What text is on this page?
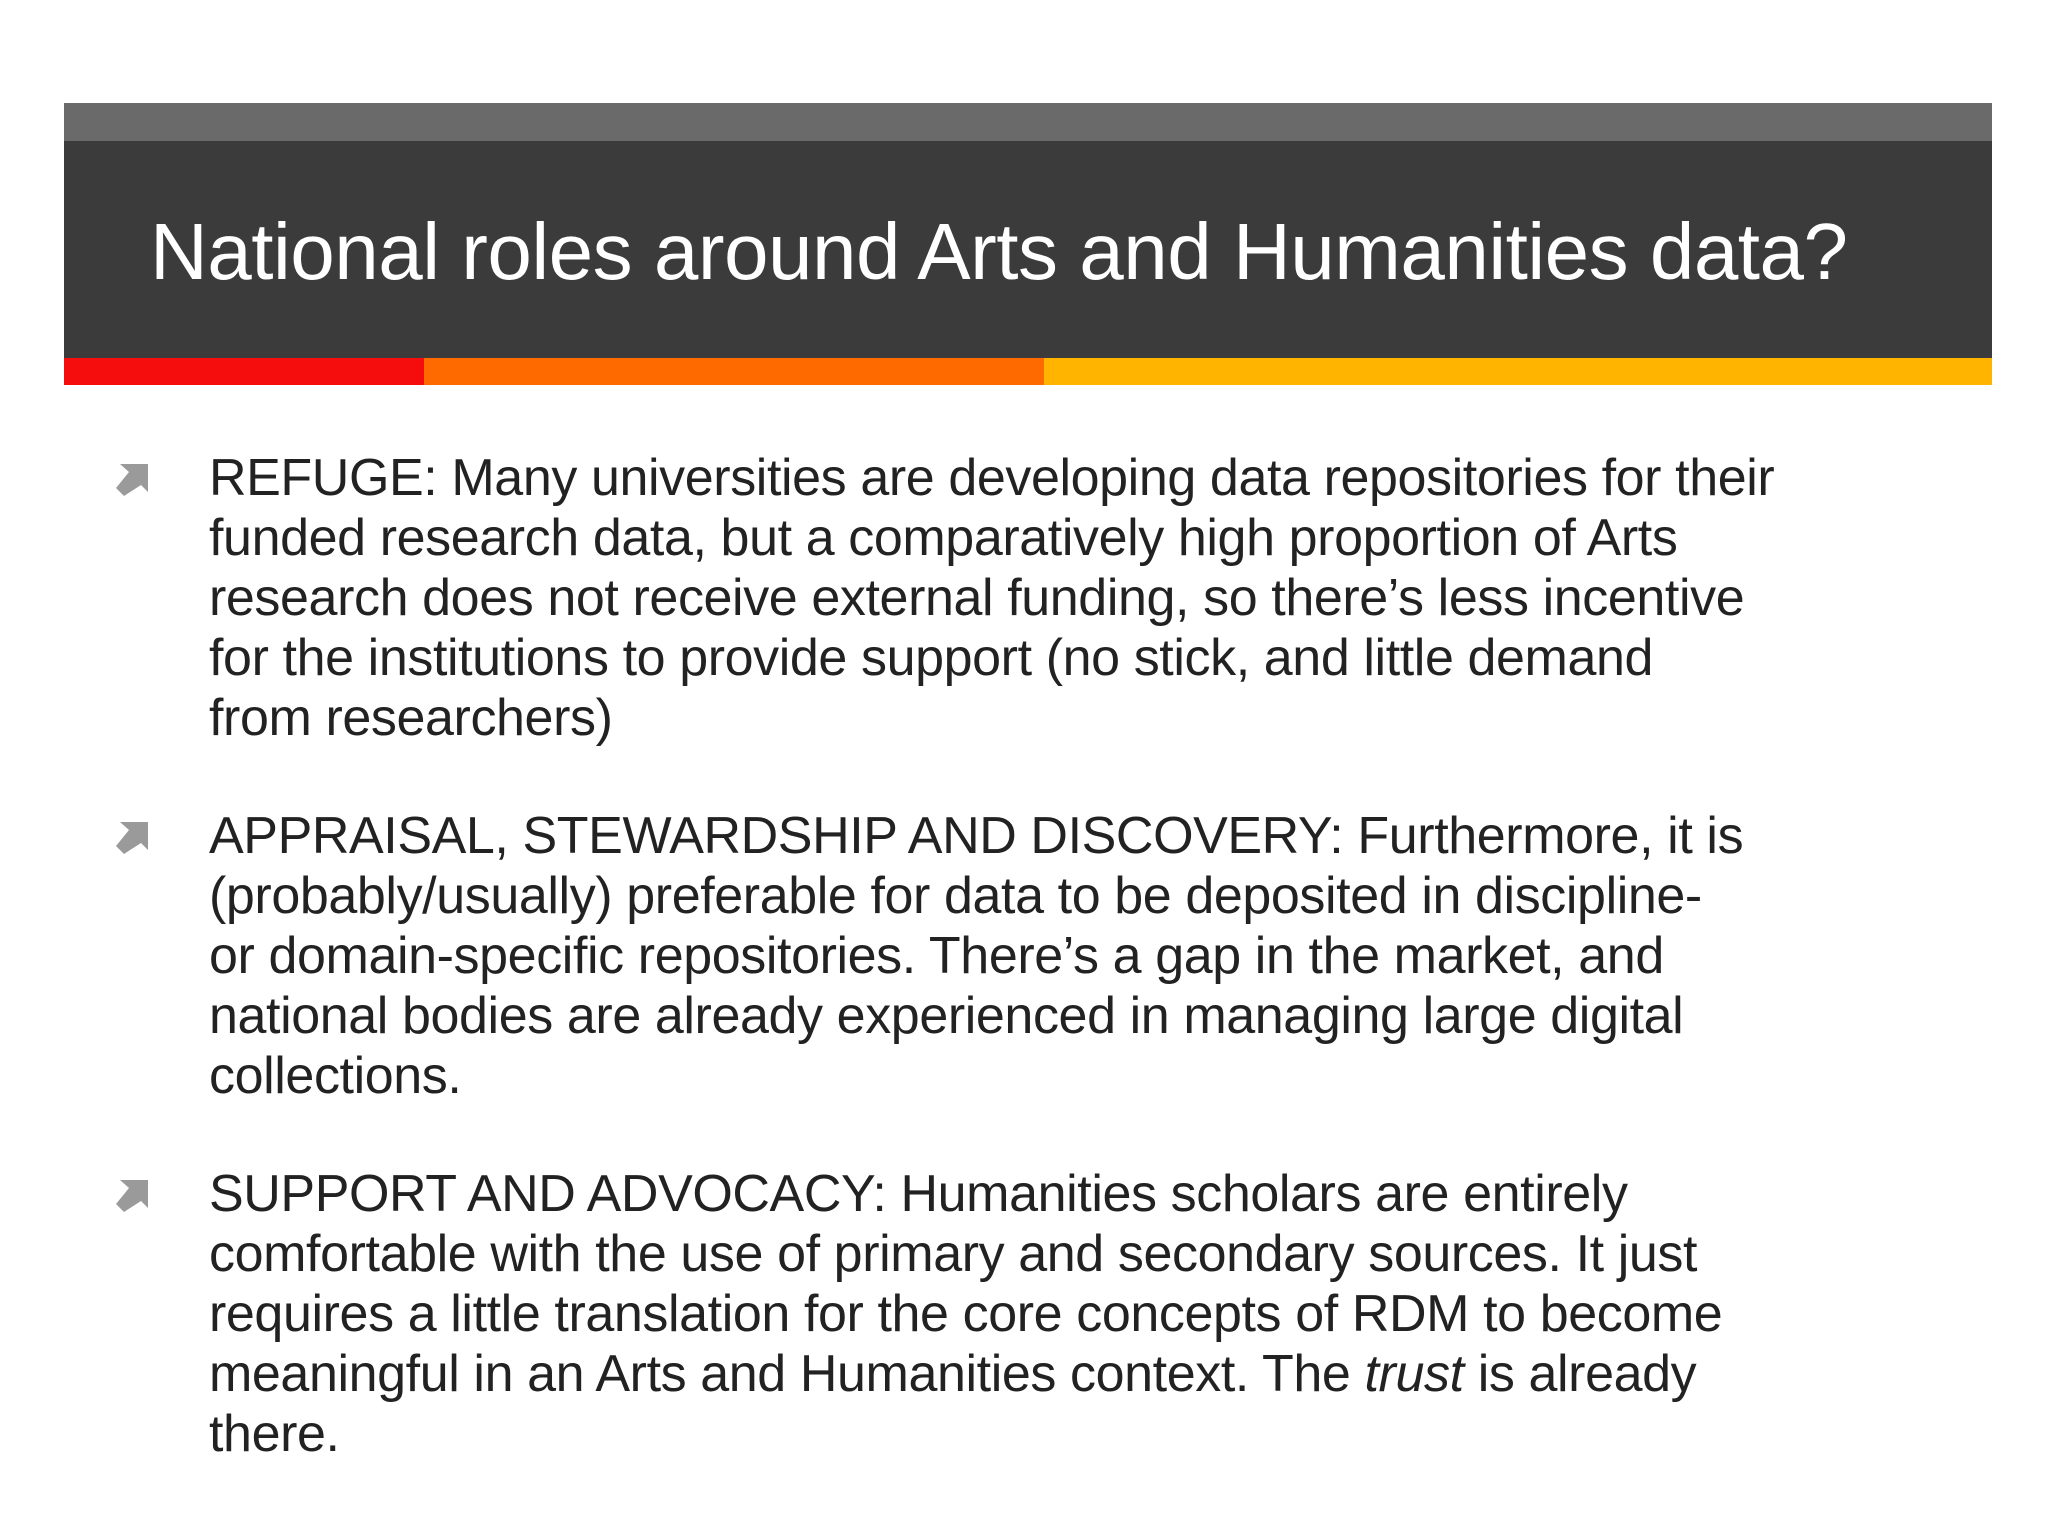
National roles around Arts and Humanities data?
REFUGE: Many universities are developing data repositories for their
funded research data, but a comparatively high proportion of Arts
research does not receive external funding, so there’s less incentive
for the institutions to provide support (no stick, and little demand
from researchers)
APPRAISAL, STEWARDSHIP AND DISCOVERY: Furthermore, it is
(probably/usually) preferable for data to be deposited in discipline-
or domain-specific repositories. There’s a gap in the market, and
national bodies are already experienced in managing large digital
collections.
SUPPORT AND ADVOCACY: Humanities scholars are entirely
comfortable with the use of primary and secondary sources. It just
requires a little translation for the core concepts of RDM to become
meaningful in an Arts and Humanities context. The trust is already
there.
